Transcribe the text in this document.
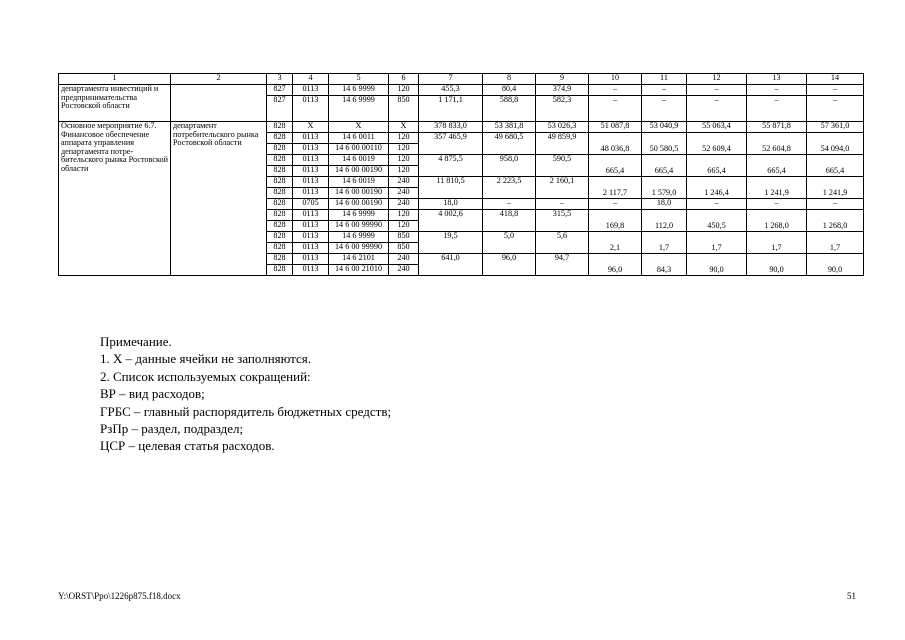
1	2	3	4	5	6	7	8	9	10	11	12	13	14
департамента инвестиций и предпринимательства Ростовской области		827	0113	14 6 9999	120	455,3	80,4	374,9	–	–	–	–	–
		827	0113	14 6 9999	850	1 171,1	588,8	582,3	–	–	–	–	–
Основное мероприятие 6.7. Финансовое обеспечение аппарата управления департамента потре-бительского рынка Ростовской области	департамент потребительского рынка Ростовской области	828	Х	Х	Х	378 833,0	53 381,8	53 026,3	51 087,8	53 040,9	55 063,4	55 871,8	57 361,0
		828	0113	14 6 0011	120	357 465,9	49 680,5	49 859,9	48 036,8	50 580,5	52 609,4	52 604,8	54 094,0
		828	0113	14 6 00 00110	120								
		828	0113	14 6 0019	120	4 875,5	958,0	590,5	665,4	665,4	665,4	665,4	665,4
		828	0113	14 6 00 00190	120								
		828	0113	14 6 0019	240	11 810,5	2 223,5	2 160,1	2 117,7	1 579,0	1 246,4	1 241,9	1 241,9
		828	0113	14 6 00 00190	240								
		828	0705	14 6 00 00190	240	18,0	–	–	–	18,0	–	–	–
		828	0113	14 6 9999	120	4 002,6	418,8	315,5	169,8	112,0	450,5	1 268,0	1 268,0
		828	0113	14 6 00 99990	120								
		828	0113	14 6 9999	850	19,5	5,0	5,6	2,1	1,7	1,7	1,7	1,7
		828	0113	14 6 00 99990	850								
		828	0113	14 6 2101	240	641,0	96,0	94,7	96,0	84,3	90,0	90,0	90,0
		828	0113	14 6 00 21010	240								
Примечание.
1. Х – данные ячейки не заполняются.
2. Список используемых сокращений:
ВР – вид расходов;
ГРБС – главный распорядитель бюджетных средств;
РзПр – раздел, подраздел;
ЦСР – целевая статья расходов.
Y:\ORST\Ppo\1226p875.f18.docx	51
